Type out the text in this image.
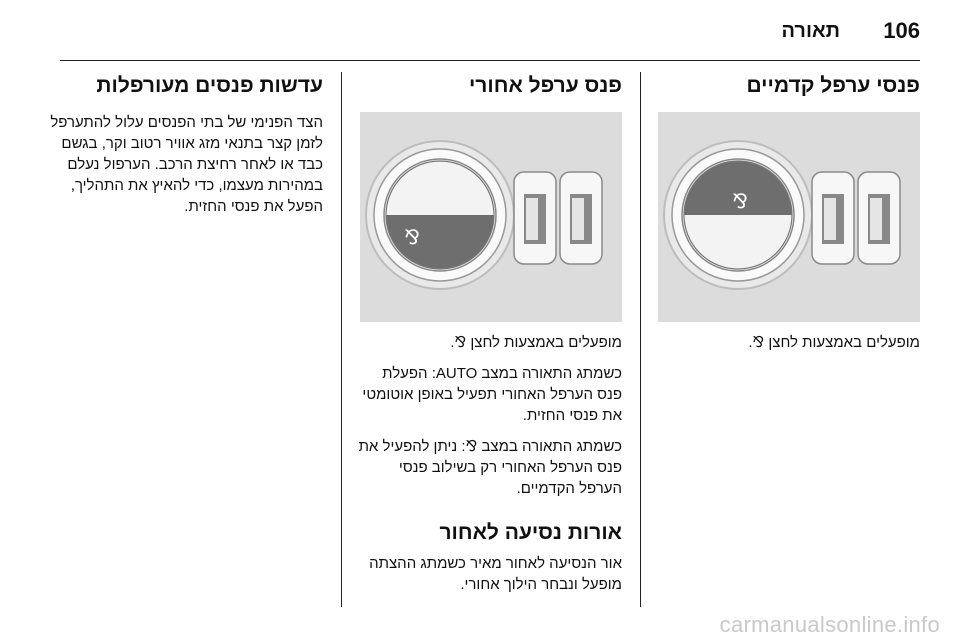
106
תאורה
פנסי ערפל קדמיים
⅋

מופעלים באמצעות לחצן ⅋.

פנס ערפל אחורי
⅋

מופעלים באמצעות לחצן ⅋.

כשמתג התאורה במצב AUTO: הפעלת פנס הערפל האחורי תפעיל באופן אוטומטי את פנסי החזית.

כשמתג התאורה במצב ⅋: ניתן להפעיל את פנס הערפל האחורי רק בשילוב פנסי הערפל הקדמיים.

אורות נסיעה לאחור

אור הנסיעה לאחור מאיר כשמתג ההצתה מופעל ונבחר הילוך אחורי.

עדשות פנסים מעורפלות

הצד הפנימי של בתי הפנסים עלול להתערפל לזמן קצר בתנאי מזג אוויר רטוב וקר, בגשם כבד או לאחר רחיצת הרכב. הערפול נעלם במהירות מעצמו, כדי להאיץ את התהליך, הפעל את פנסי החזית.

carmanualsonline.info
